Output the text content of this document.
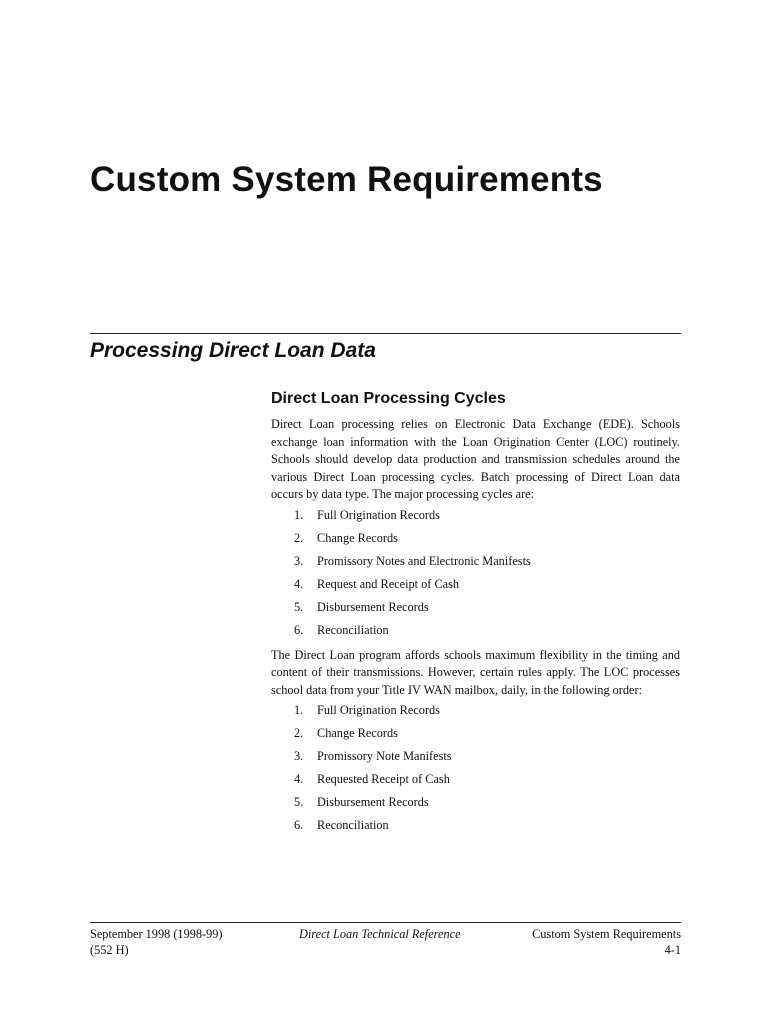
Custom System Requirements
Processing Direct Loan Data
Direct Loan Processing Cycles

Direct Loan processing relies on Electronic Data Exchange (EDE). Schools exchange loan information with the Loan Origination Center (LOC) routinely. Schools should develop data production and transmission schedules around the various Direct Loan processing cycles. Batch processing of Direct Loan data occurs by data type. The major processing cycles are:

1.	Full Origination Records
2.	Change Records
3.	Promissory Notes and Electronic Manifests
4.	Request and Receipt of Cash
5.	Disbursement Records
6.	Reconciliation

The Direct Loan program affords schools maximum flexibility in the timing and content of their transmissions. However, certain rules apply. The LOC processes school data from your Title IV WAN mailbox, daily, in the following order:

1.	Full Origination Records
2.	Change Records
3.	Promissory Note Manifests
4.	Requested Receipt of Cash
5.	Disbursement Records
6.	Reconciliation
September 1998 (1998-99)	Direct Loan Technical Reference	Custom System Requirements
(552 H)	4-1
